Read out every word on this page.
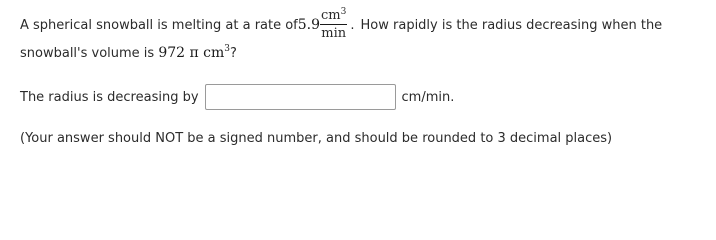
A spherical snowball is melting at a rate of $5.9 \frac{cm^3}{\min}$ . How rapidly is the radius decreasing when the
snowball's volume is 972 π $cm^3$?
The radius is decreasing by	cm/min.
(Your answer should NOT be a signed number, and should be rounded to 3 decimal places)
